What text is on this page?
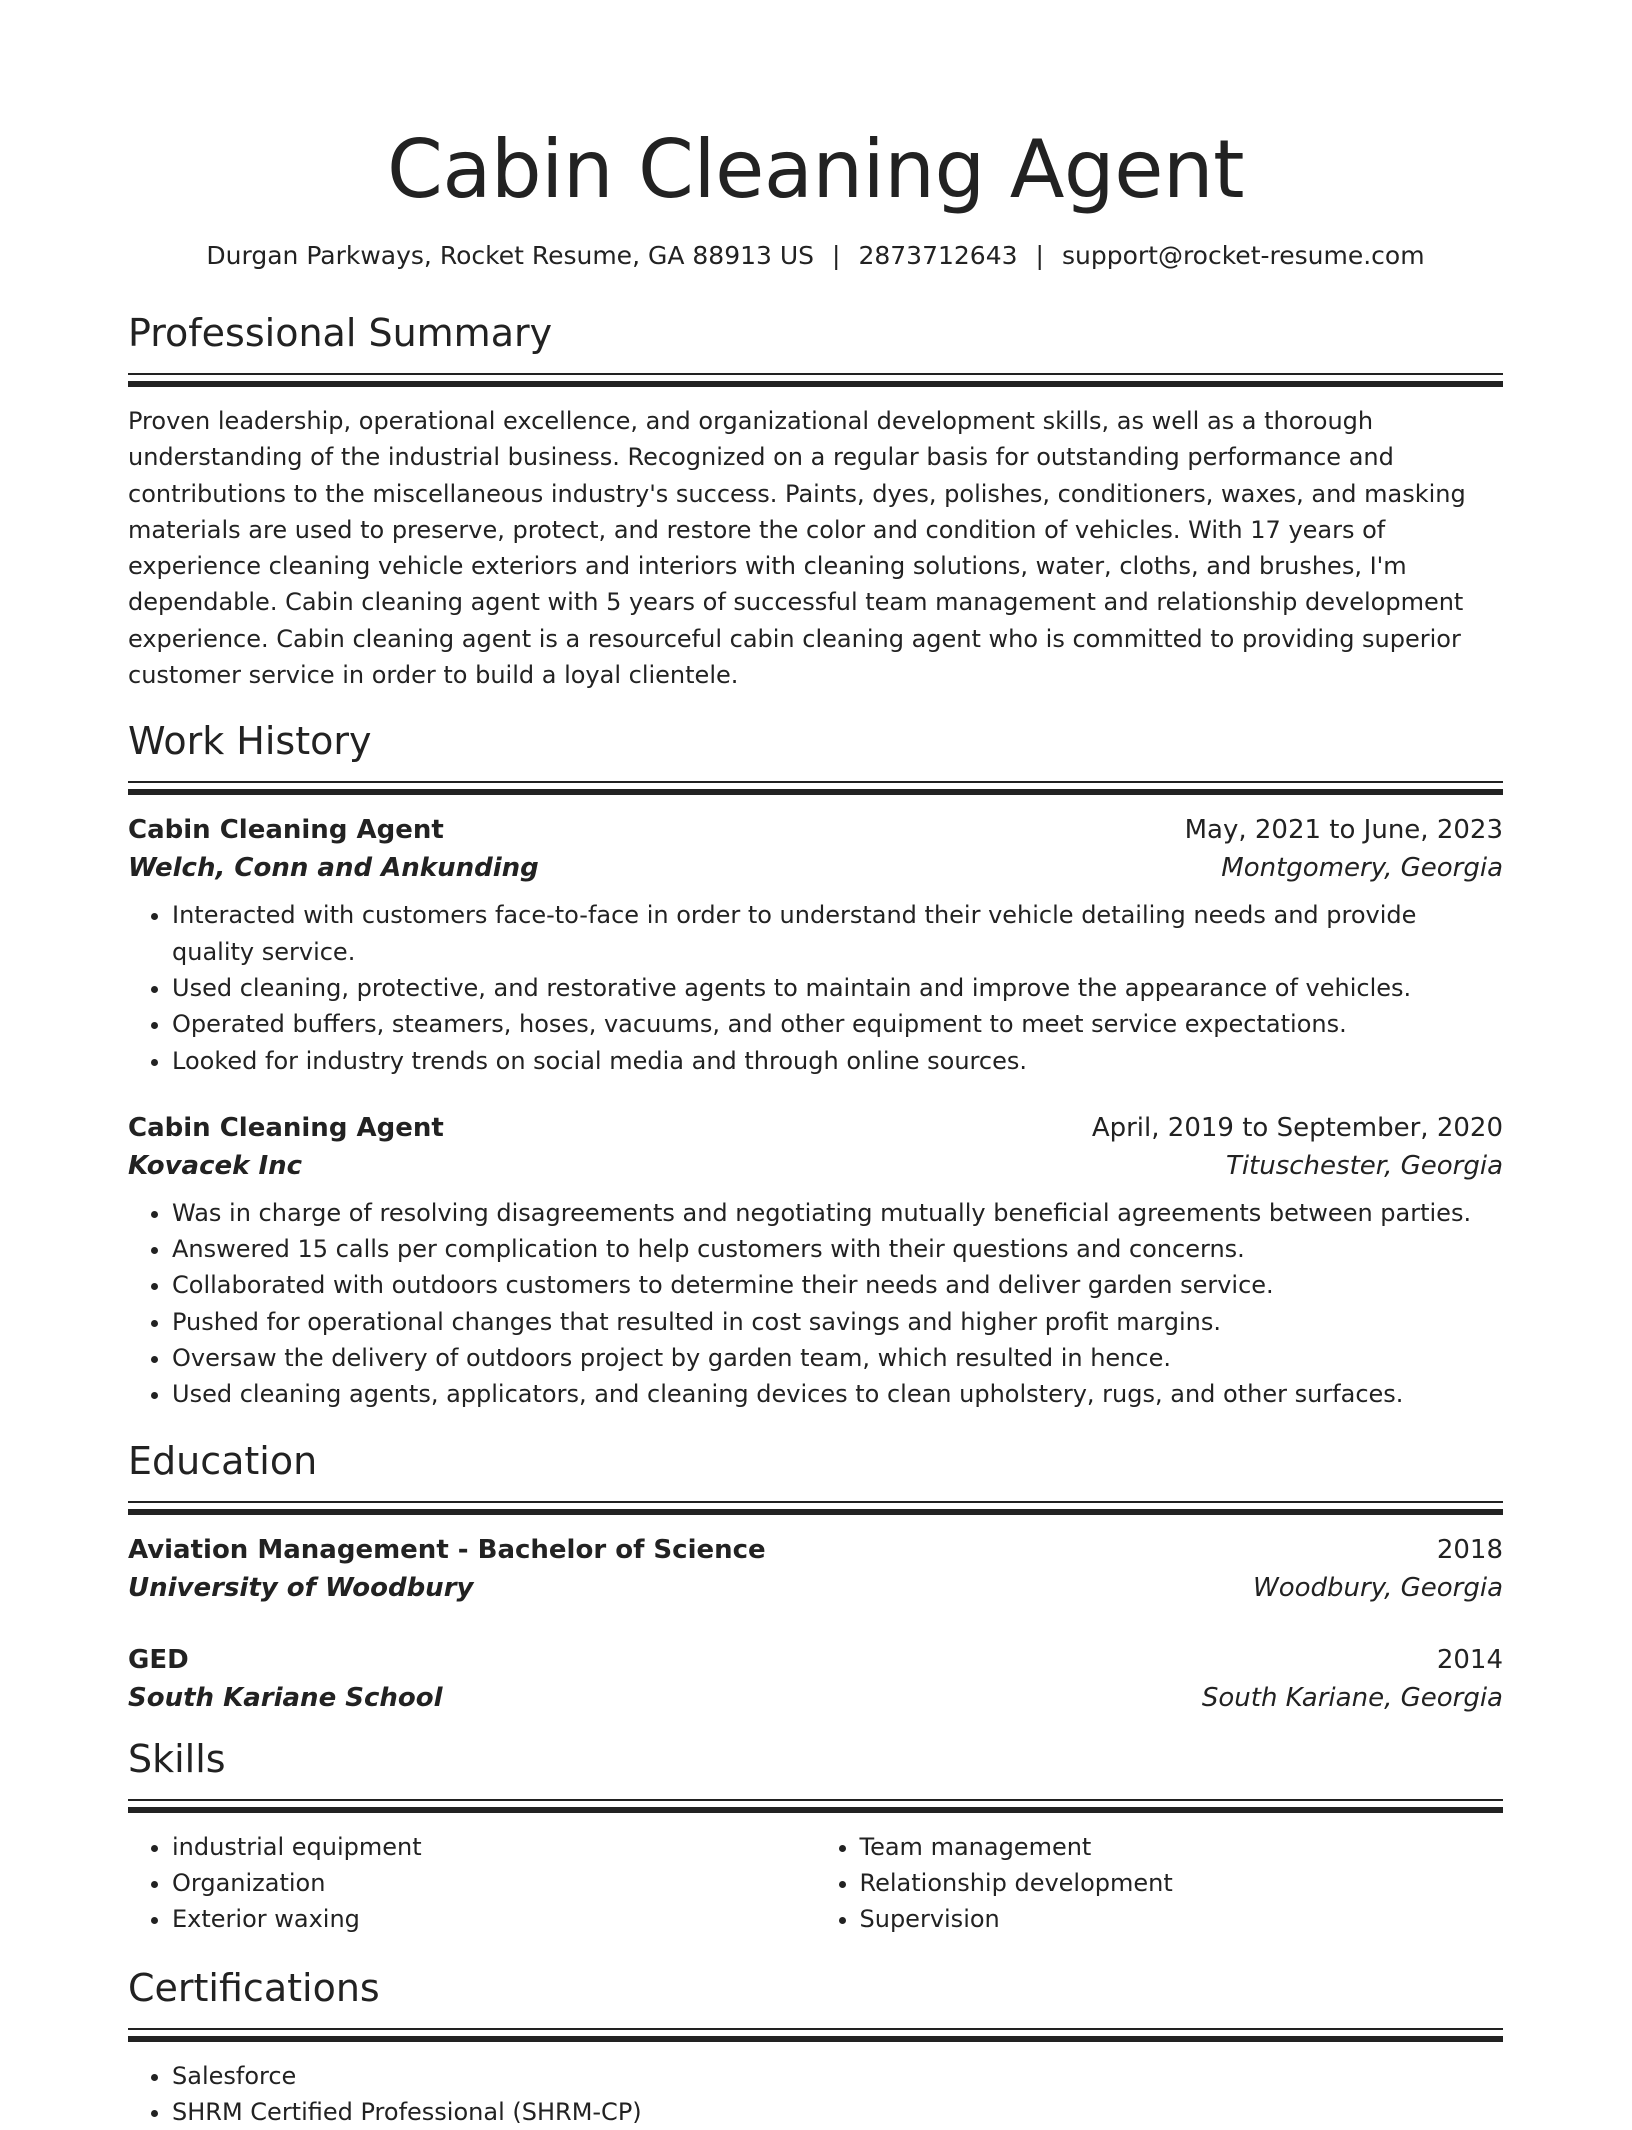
Cabin Cleaning Agent
Durgan Parkways, Rocket Resume, GA 88913 US | 2873712643 | support@rocket-resume.com
Professional Summary

Proven leadership, operational excellence, and organizational development skills, as well as a thorough understanding of the industrial business. Recognized on a regular basis for outstanding performance and contributions to the miscellaneous industry's success. Paints, dyes, polishes, conditioners, waxes, and masking materials are used to preserve, protect, and restore the color and condition of vehicles. With 17 years of experience cleaning vehicle exteriors and interiors with cleaning solutions, water, cloths, and brushes, I'm dependable. Cabin cleaning agent with 5 years of successful team management and relationship development experience. Cabin cleaning agent is a resourceful cabin cleaning agent who is committed to providing superior customer service in order to build a loyal clientele.

Work History
Cabin Cleaning Agent	May, 2021 to June, 2023
Welch, Conn and Ankunding	Montgomery, Georgia
• Interacted with customers face-to-face in order to understand their vehicle detailing needs and provide quality service.
• Used cleaning, protective, and restorative agents to maintain and improve the appearance of vehicles.
• Operated buffers, steamers, hoses, vacuums, and other equipment to meet service expectations.
• Looked for industry trends on social media and through online sources.
Cabin Cleaning Agent	April, 2019 to September, 2020
Kovacek Inc	Tituschester, Georgia
• Was in charge of resolving disagreements and negotiating mutually beneficial agreements between parties.
• Answered 15 calls per complication to help customers with their questions and concerns.
• Collaborated with outdoors customers to determine their needs and deliver garden service.
• Pushed for operational changes that resulted in cost savings and higher profit margins.
• Oversaw the delivery of outdoors project by garden team, which resulted in hence.
• Used cleaning agents, applicators, and cleaning devices to clean upholstery, rugs, and other surfaces.
Education
Aviation Management - Bachelor of Science	2018
University of Woodbury	Woodbury, Georgia
GED	2014
South Kariane School	South Kariane, Georgia
Skills
• industrial equipment
• Organization
• Exterior waxing
• Team management
• Relationship development
• Supervision
Certifications
• Salesforce
• SHRM Certified Professional (SHRM-CP)
